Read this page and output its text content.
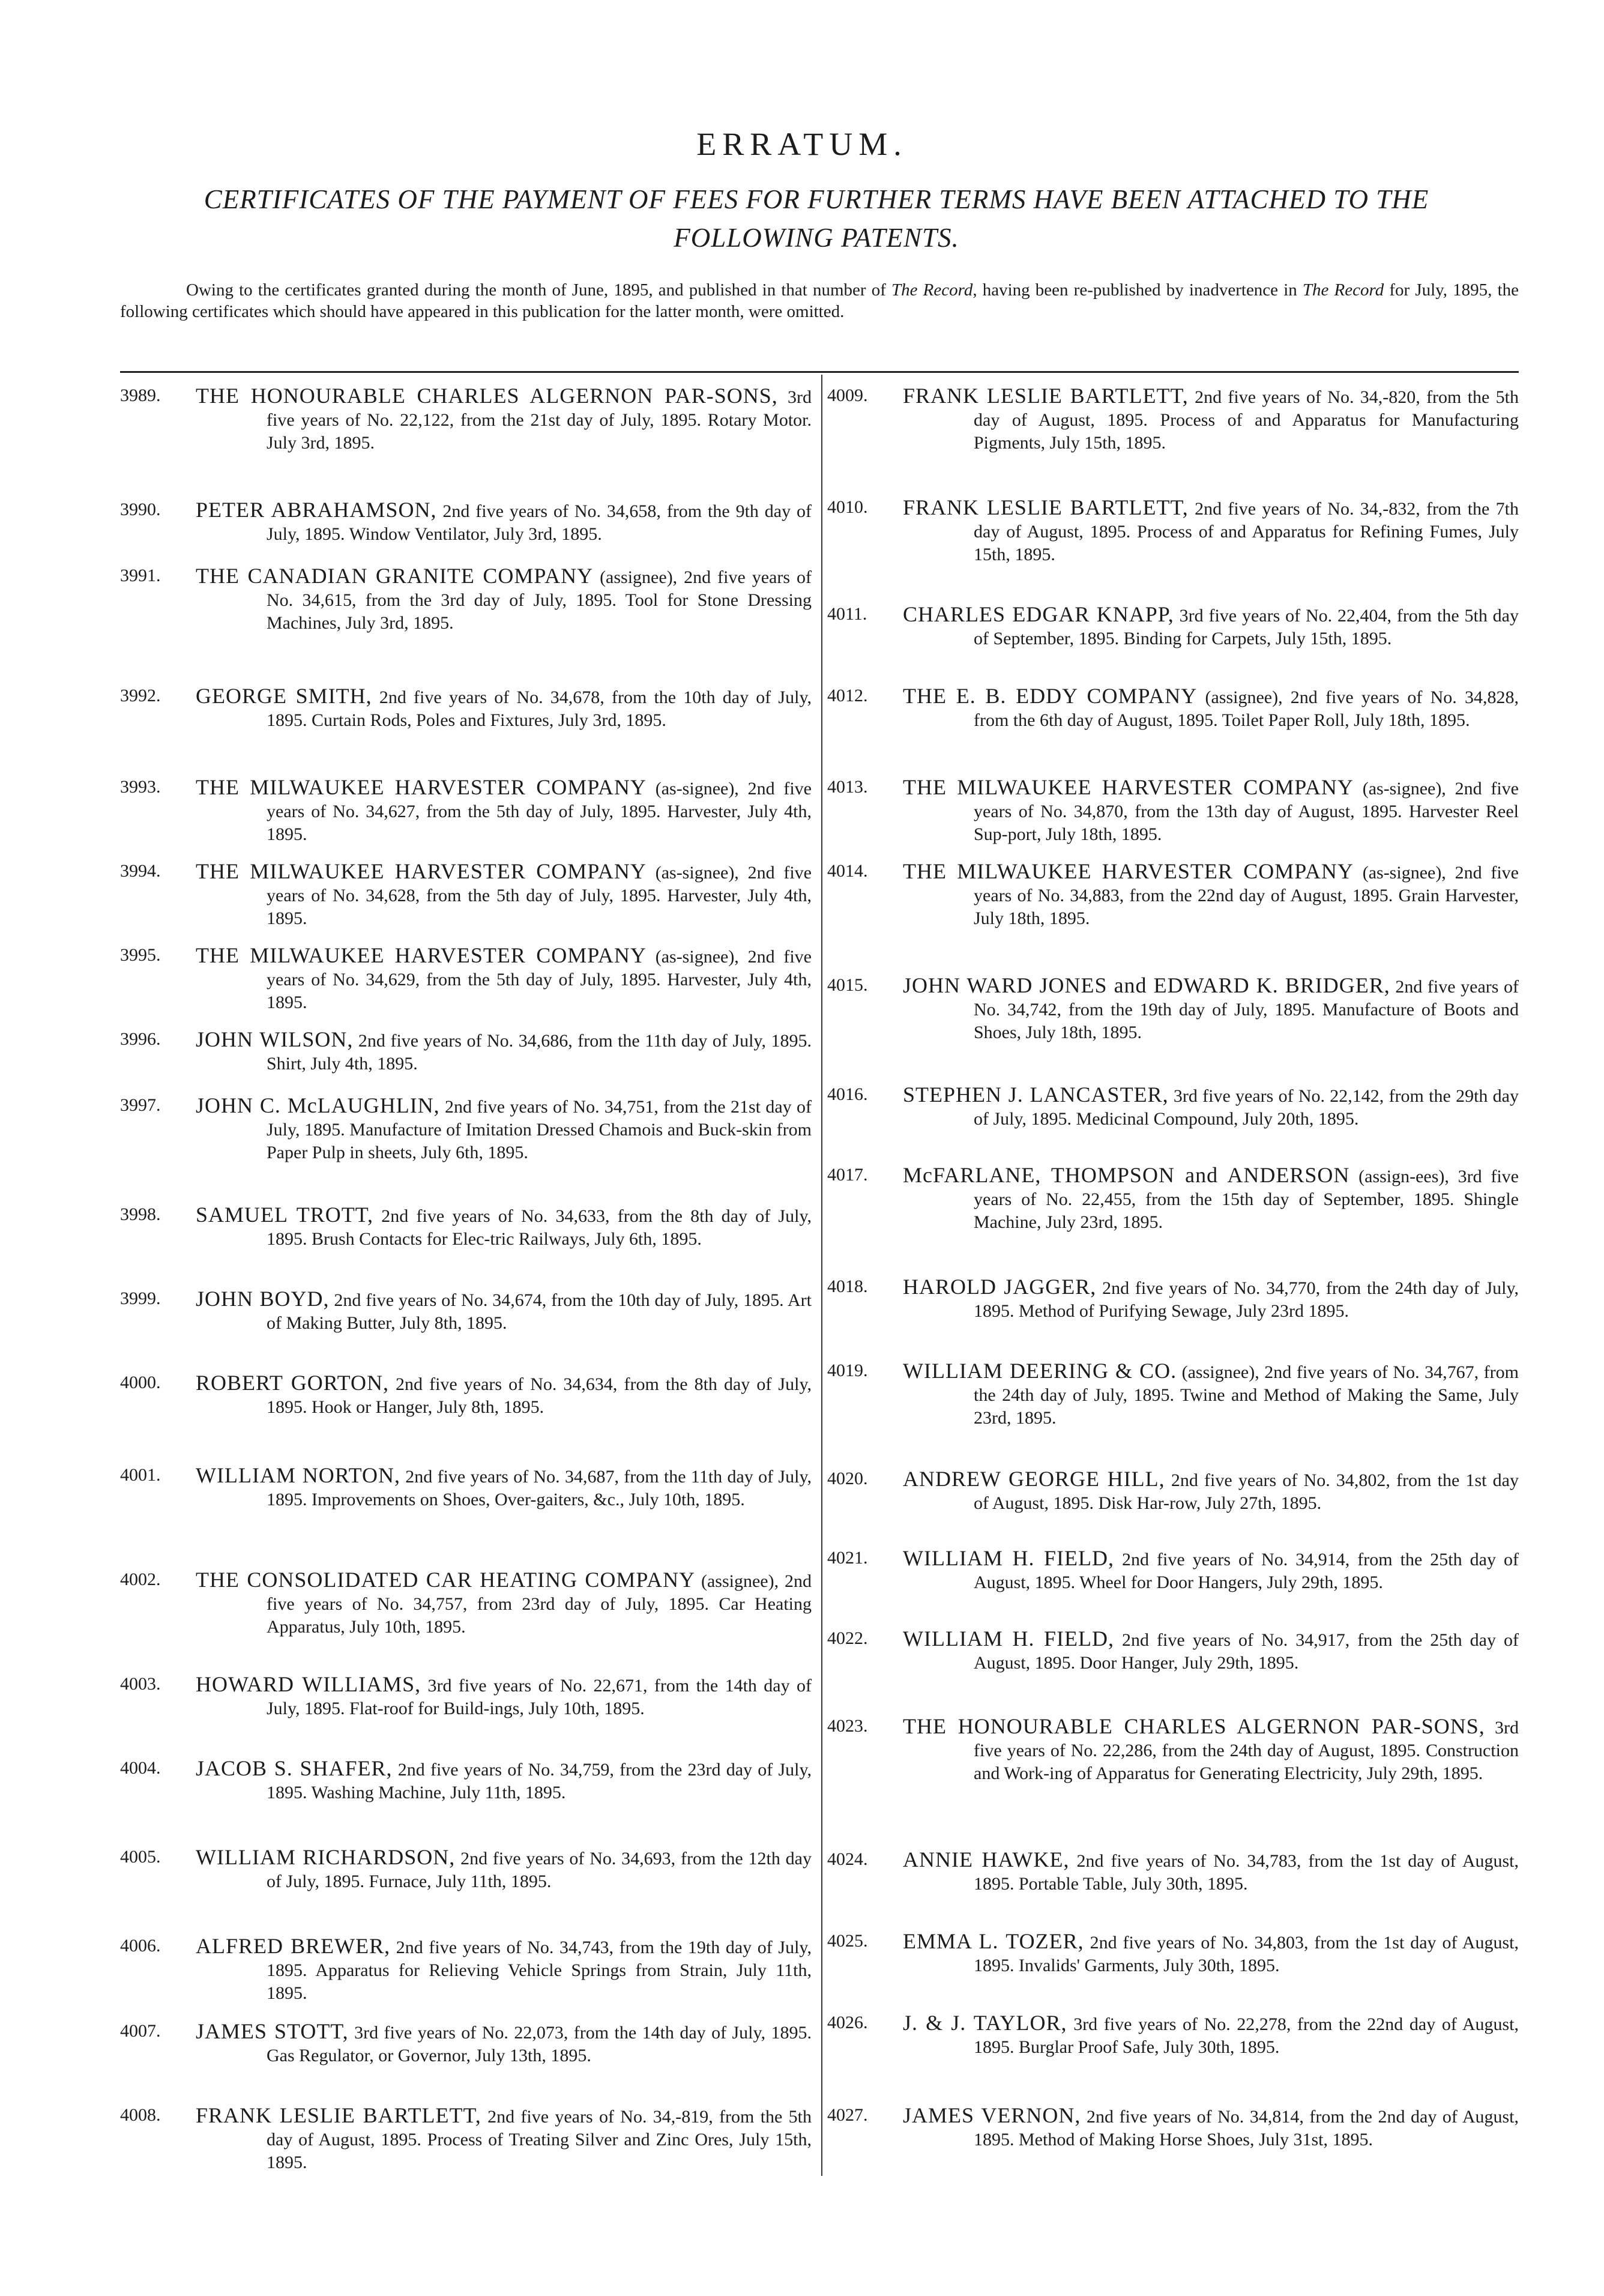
ERRATUM.
CERTIFICATES OF THE PAYMENT OF FEES FOR FURTHER TERMS HAVE BEEN ATTACHED TO THE FOLLOWING PATENTS.
Owing to the certificates granted during the month of June, 1895, and published in that number of The Record, having been re-published by inadvertence in The Record for July, 1895, the following certificates which should have appeared in this publication for the latter month, were omitted.
3989.	THE HONOURABLE CHARLES ALGERNON PAR-SONS, 3rd five years of No. 22,122, from the 21st day of July, 1895. Rotary Motor. July 3rd, 1895.
3990.	PETER ABRAHAMSON, 2nd five years of No. 34,658, from the 9th day of July, 1895. Window Ventilator, July 3rd, 1895.
3991.	THE CANADIAN GRANITE COMPANY (assignee), 2nd five years of No. 34,615, from the 3rd day of July, 1895. Tool for Stone Dressing Machines, July 3rd, 1895.
3992.	GEORGE SMITH, 2nd five years of No. 34,678, from the 10th day of July, 1895. Curtain Rods, Poles and Fixtures, July 3rd, 1895.
3993.	THE MILWAUKEE HARVESTER COMPANY (as-signee), 2nd five years of No. 34,627, from the 5th day of July, 1895. Harvester, July 4th, 1895.
3994.	THE MILWAUKEE HARVESTER COMPANY (as-signee), 2nd five years of No. 34,628, from the 5th day of July, 1895. Harvester, July 4th, 1895.
3995.	THE MILWAUKEE HARVESTER COMPANY (as-signee), 2nd five years of No. 34,629, from the 5th day of July, 1895. Harvester, July 4th, 1895.
3996.	JOHN WILSON, 2nd five years of No. 34,686, from the 11th day of July, 1895. Shirt, July 4th, 1895.
3997.	JOHN C. McLAUGHLIN, 2nd five years of No. 34,751, from the 21st day of July, 1895. Manufacture of Imitation Dressed Chamois and Buck-skin from Paper Pulp in sheets, July 6th, 1895.
3998.	SAMUEL TROTT, 2nd five years of No. 34,633, from the 8th day of July, 1895. Brush Contacts for Elec-tric Railways, July 6th, 1895.
3999.	JOHN BOYD, 2nd five years of No. 34,674, from the 10th day of July, 1895. Art of Making Butter, July 8th, 1895.
4000.	ROBERT GORTON, 2nd five years of No. 34,634, from the 8th day of July, 1895. Hook or Hanger, July 8th, 1895.
4001.	WILLIAM NORTON, 2nd five years of No. 34,687, from the 11th day of July, 1895. Improvements on Shoes, Over-gaiters, &c., July 10th, 1895.
4002.	THE CONSOLIDATED CAR HEATING COMPANY (assignee), 2nd five years of No. 34,757, from 23rd day of July, 1895. Car Heating Apparatus, July 10th, 1895.
4003.	HOWARD WILLIAMS, 3rd five years of No. 22,671, from the 14th day of July, 1895. Flat-roof for Build-ings, July 10th, 1895.
4004.	JACOB S. SHAFER, 2nd five years of No. 34,759, from the 23rd day of July, 1895. Washing Machine, July 11th, 1895.
4005.	WILLIAM RICHARDSON, 2nd five years of No. 34,693, from the 12th day of July, 1895. Furnace, July 11th, 1895.
4006.	ALFRED BREWER, 2nd five years of No. 34,743, from the 19th day of July, 1895. Apparatus for Relieving Vehicle Springs from Strain, July 11th, 1895.
4007.	JAMES STOTT, 3rd five years of No. 22,073, from the 14th day of July, 1895. Gas Regulator, or Governor, July 13th, 1895.
4008.	FRANK LESLIE BARTLETT, 2nd five years of No. 34,-819, from the 5th day of August, 1895. Process of Treating Silver and Zinc Ores, July 15th, 1895.
4009.	FRANK LESLIE BARTLETT, 2nd five years of No. 34,-820, from the 5th day of August, 1895. Process of and Apparatus for Manufacturing Pigments, July 15th, 1895.
4010.	FRANK LESLIE BARTLETT, 2nd five years of No. 34,-832, from the 7th day of August, 1895. Process of and Apparatus for Refining Fumes, July 15th, 1895.
4011.	CHARLES EDGAR KNAPP, 3rd five years of No. 22,404, from the 5th day of September, 1895. Binding for Carpets, July 15th, 1895.
4012.	THE E. B. EDDY COMPANY (assignee), 2nd five years of No. 34,828, from the 6th day of August, 1895. Toilet Paper Roll, July 18th, 1895.
4013.	THE MILWAUKEE HARVESTER COMPANY (as-signee), 2nd five years of No. 34,870, from the 13th day of August, 1895. Harvester Reel Sup-port, July 18th, 1895.
4014.	THE MILWAUKEE HARVESTER COMPANY (as-signee), 2nd five years of No. 34,883, from the 22nd day of August, 1895. Grain Harvester, July 18th, 1895.
4015.	JOHN WARD JONES and EDWARD K. BRIDGER, 2nd five years of No. 34,742, from the 19th day of July, 1895. Manufacture of Boots and Shoes, July 18th, 1895.
4016.	STEPHEN J. LANCASTER, 3rd five years of No. 22,142, from the 29th day of July, 1895. Medicinal Compound, July 20th, 1895.
4017.	McFARLANE, THOMPSON and ANDERSON (assign-ees), 3rd five years of No. 22,455, from the 15th day of September, 1895. Shingle Machine, July 23rd, 1895.
4018.	HAROLD JAGGER, 2nd five years of No. 34,770, from the 24th day of July, 1895. Method of Purifying Sewage, July 23rd 1895.
4019.	WILLIAM DEERING & CO. (assignee), 2nd five years of No. 34,767, from the 24th day of July, 1895. Twine and Method of Making the Same, July 23rd, 1895.
4020.	ANDREW GEORGE HILL, 2nd five years of No. 34,802, from the 1st day of August, 1895. Disk Har-row, July 27th, 1895.
4021.	WILLIAM H. FIELD, 2nd five years of No. 34,914, from the 25th day of August, 1895. Wheel for Door Hangers, July 29th, 1895.
4022.	WILLIAM H. FIELD, 2nd five years of No. 34,917, from the 25th day of August, 1895. Door Hanger, July 29th, 1895.
4023.	THE HONOURABLE CHARLES ALGERNON PAR-SONS, 3rd five years of No. 22,286, from the 24th day of August, 1895. Construction and Work-ing of Apparatus for Generating Electricity, July 29th, 1895.
4024.	ANNIE HAWKE, 2nd five years of No. 34,783, from the 1st day of August, 1895. Portable Table, July 30th, 1895.
4025.	EMMA L. TOZER, 2nd five years of No. 34,803, from the 1st day of August, 1895. Invalids' Garments, July 30th, 1895.
4026.	J. & J. TAYLOR, 3rd five years of No. 22,278, from the 22nd day of August, 1895. Burglar Proof Safe, July 30th, 1895.
4027.	JAMES VERNON, 2nd five years of No. 34,814, from the 2nd day of August, 1895. Method of Making Horse Shoes, July 31st, 1895.
